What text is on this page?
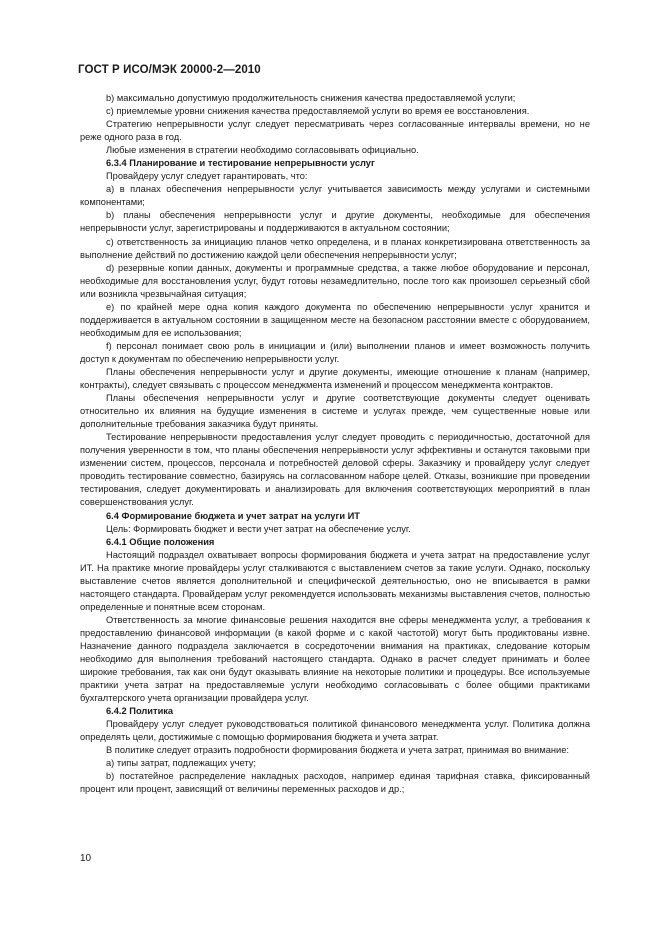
ГОСТ Р ИСО/МЭК 20000-2—2010

b) максимально допустимую продолжительность снижения качества предоставляемой услуги;

c) приемлемые уровни снижения качества предоставляемой услуги во время ее восстановления.

Стратегию непрерывности услуг следует пересматривать через согласованные интервалы времени, но не реже одного раза в год.

Любые изменения в стратегии необходимо согласовывать официально.

6.3.4 Планирование и тестирование непрерывности услуг

Провайдеру услуг следует гарантировать, что:

a) в планах обеспечения непрерывности услуг учитывается зависимость между услугами и системными компонентами;

b) планы обеспечения непрерывности услуг и другие документы, необходимые для обеспечения непрерывности услуг, зарегистрированы и поддерживаются в актуальном состоянии;

c) ответственность за инициацию планов четко определена, и в планах конкретизирована ответственность за выполнение действий по достижению каждой цели обеспечения непрерывности услуг;

d) резервные копии данных, документы и программные средства, а также любое оборудование и персонал, необходимые для восстановления услуг, будут готовы незамедлительно, после того как произошел серьезный сбой или возникла чрезвычайная ситуация;

e) по крайней мере одна копия каждого документа по обеспечению непрерывности услуг хранится и поддерживается в актуальном состоянии в защищенном месте на безопасном расстоянии вместе с оборудованием, необходимым для ее использования;

f) персонал понимает свою роль в инициации и (или) выполнении планов и имеет возможность получить доступ к документам по обеспечению непрерывности услуг.

Планы обеспечения непрерывности услуг и другие документы, имеющие отношение к планам (например, контракты), следует связывать с процессом менеджмента изменений и процессом менеджмента контрактов.

Планы обеспечения непрерывности услуг и другие соответствующие документы следует оценивать относительно их влияния на будущие изменения в системе и услугах прежде, чем существенные новые или дополнительные требования заказчика будут приняты.

Тестирование непрерывности предоставления услуг следует проводить с периодичностью, достаточной для получения уверенности в том, что планы обеспечения непрерывности услуг эффективны и останутся таковыми при изменении систем, процессов, персонала и потребностей деловой сферы. Заказчику и провайдеру услуг следует проводить тестирование совместно, базируясь на согласованном наборе целей. Отказы, возникшие при проведении тестирования, следует документировать и анализировать для включения соответствующих мероприятий в план совершенствования услуг.

6.4 Формирование бюджета и учет затрат на услуги ИТ

Цель: Формировать бюджет и вести учет затрат на обеспечение услуг.

6.4.1 Общие положения

Настоящий подраздел охватывает вопросы формирования бюджета и учета затрат на предоставление услуг ИТ. На практике многие провайдеры услуг сталкиваются с выставлением счетов за такие услуги. Однако, поскольку выставление счетов является дополнительной и специфической деятельностью, оно не вписывается в рамки настоящего стандарта. Провайдерам услуг рекомендуется использовать механизмы выставления счетов, полностью определенные и понятные всем сторонам.

Ответственность за многие финансовые решения находится вне сферы менеджмента услуг, а требования к предоставлению финансовой информации (в какой форме и с какой частотой) могут быть продиктованы извне. Назначение данного подраздела заключается в сосредоточении внимания на практиках, следование которым необходимо для выполнения требований настоящего стандарта. Однако в расчет следует принимать и более широкие требования, так как они будут оказывать влияние на некоторые политики и процедуры. Все используемые практики учета затрат на предоставляемые услуги необходимо согласовывать с более общими практиками бухгалтерского учета организации провайдера услуг.

6.4.2 Политика

Провайдеру услуг следует руководствоваться политикой финансового менеджмента услуг. Политика должна определять цели, достижимые с помощью формирования бюджета и учета затрат.

В политике следует отразить подробности формирования бюджета и учета затрат, принимая во внимание:

a) типы затрат, подлежащих учету;

b) постатейное распределение накладных расходов, например единая тарифная ставка, фиксированный процент или процент, зависящий от величины переменных расходов и др.;

10
